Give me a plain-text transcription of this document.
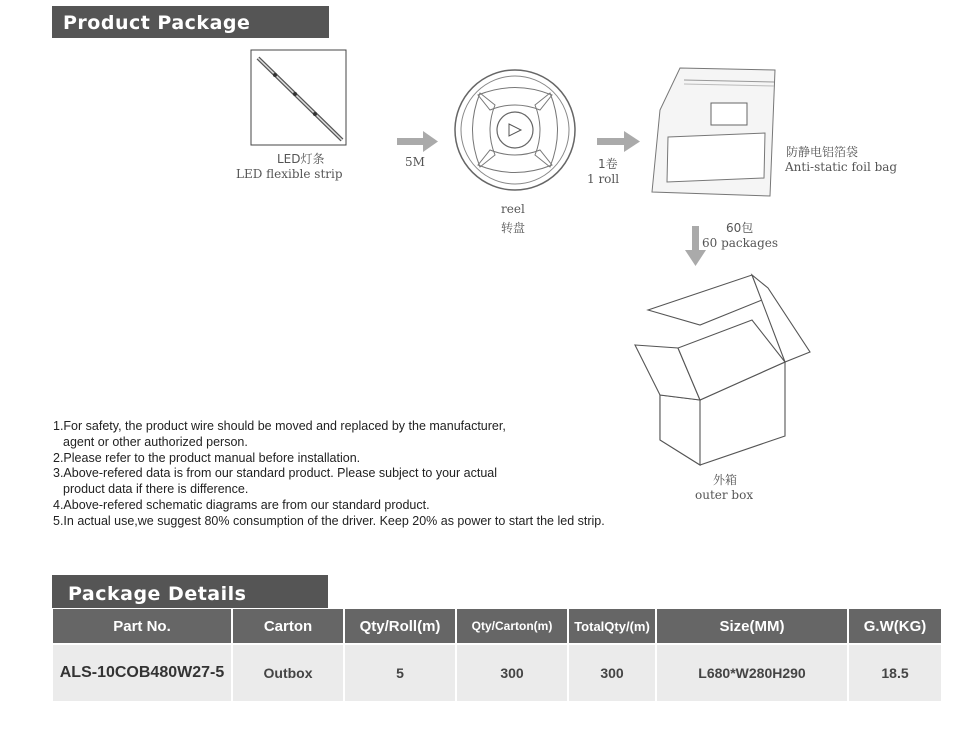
Product Package
LED灯条
LED flexible strip
5M
reel
转盘
1卷
1 roll
防静电铝箔袋
Anti-static foil bag
60包
60 packages
外箱
outer box
1.For safety, the product wire should be moved and replaced by the manufacturer,
agent or other authorized person.
2.Please refer to the product manual before installation.
3.Above-refered data is from our standard product. Please subject to your actual
product data if there is difference.
4.Above-refered schematic diagrams are from our standard product.
5.In actual use,we suggest 80% consumption of the driver. Keep 20% as power to start the led strip.
Package Details
Part No.	Carton	Qty/Roll(m)	Qty/Carton(m)	TotalQty/(m)	Size(MM)	G.W(KG)
ALS-10COB480W27-5	Outbox	5	300	300	L680*W280H290	18.5
